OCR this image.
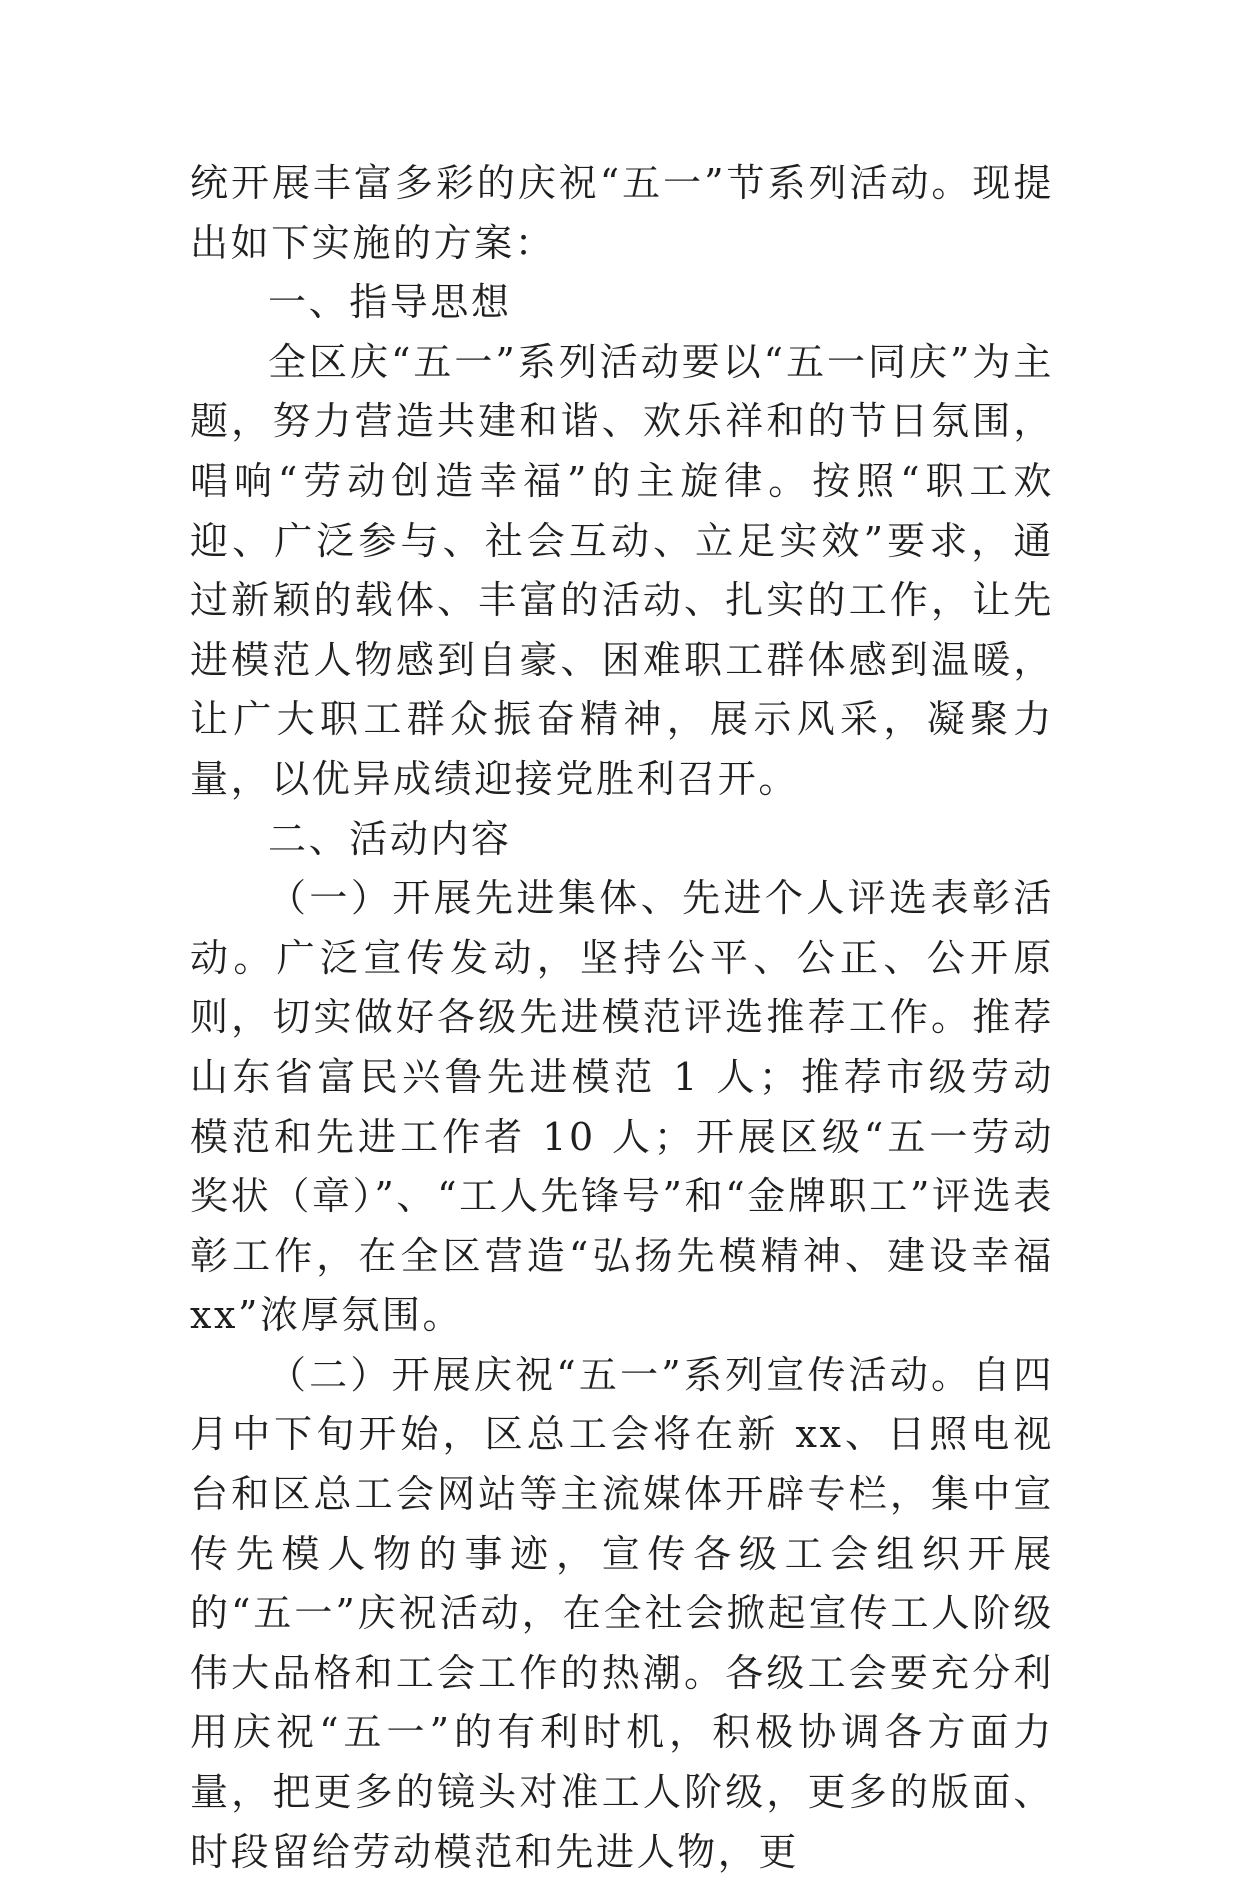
统开展丰富多彩的庆祝“五一”节系列活动。现提出如下实施的方案：

一、指导思想

全区庆“五一”系列活动要以“五一同庆”为主题，努力营造共建和谐、欢乐祥和的节日氛围，唱响“劳动创造幸福”的主旋律。按照“职工欢迎、广泛参与、社会互动、立足实效”要求，通过新颖的载体、丰富的活动、扎实的工作，让先进模范人物感到自豪、困难职工群体感到温暖，让广大职工群众振奋精神，展示风采，凝聚力量，以优异成绩迎接党胜利召开。

二、活动内容

（一）开展先进集体、先进个人评选表彰活动。广泛宣传发动，坚持公平、公正、公开原则，切实做好各级先进模范评选推荐工作。推荐山东省富民兴鲁先进模范 1 人；推荐市级劳动模范和先进工作者 10 人；开展区级“五一劳动奖状（章）”、“工人先锋号”和“金牌职工”评选表彰工作，在全区营造“弘扬先模精神、建设幸福 xx”浓厚氛围。

（二）开展庆祝“五一”系列宣传活动。自四月中下旬开始，区总工会将在新 xx、日照电视台和区总工会网站等主流媒体开辟专栏，集中宣传先模人物的事迹，宣传各级工会组织开展的“五一”庆祝活动，在全社会掀起宣传工人阶级伟大品格和工会工作的热潮。各级工会要充分利用庆祝“五一”的有利时机，积极协调各方面力量，把更多的镜头对准工人阶级，更多的版面、时段留给劳动模范和先进人物，更
